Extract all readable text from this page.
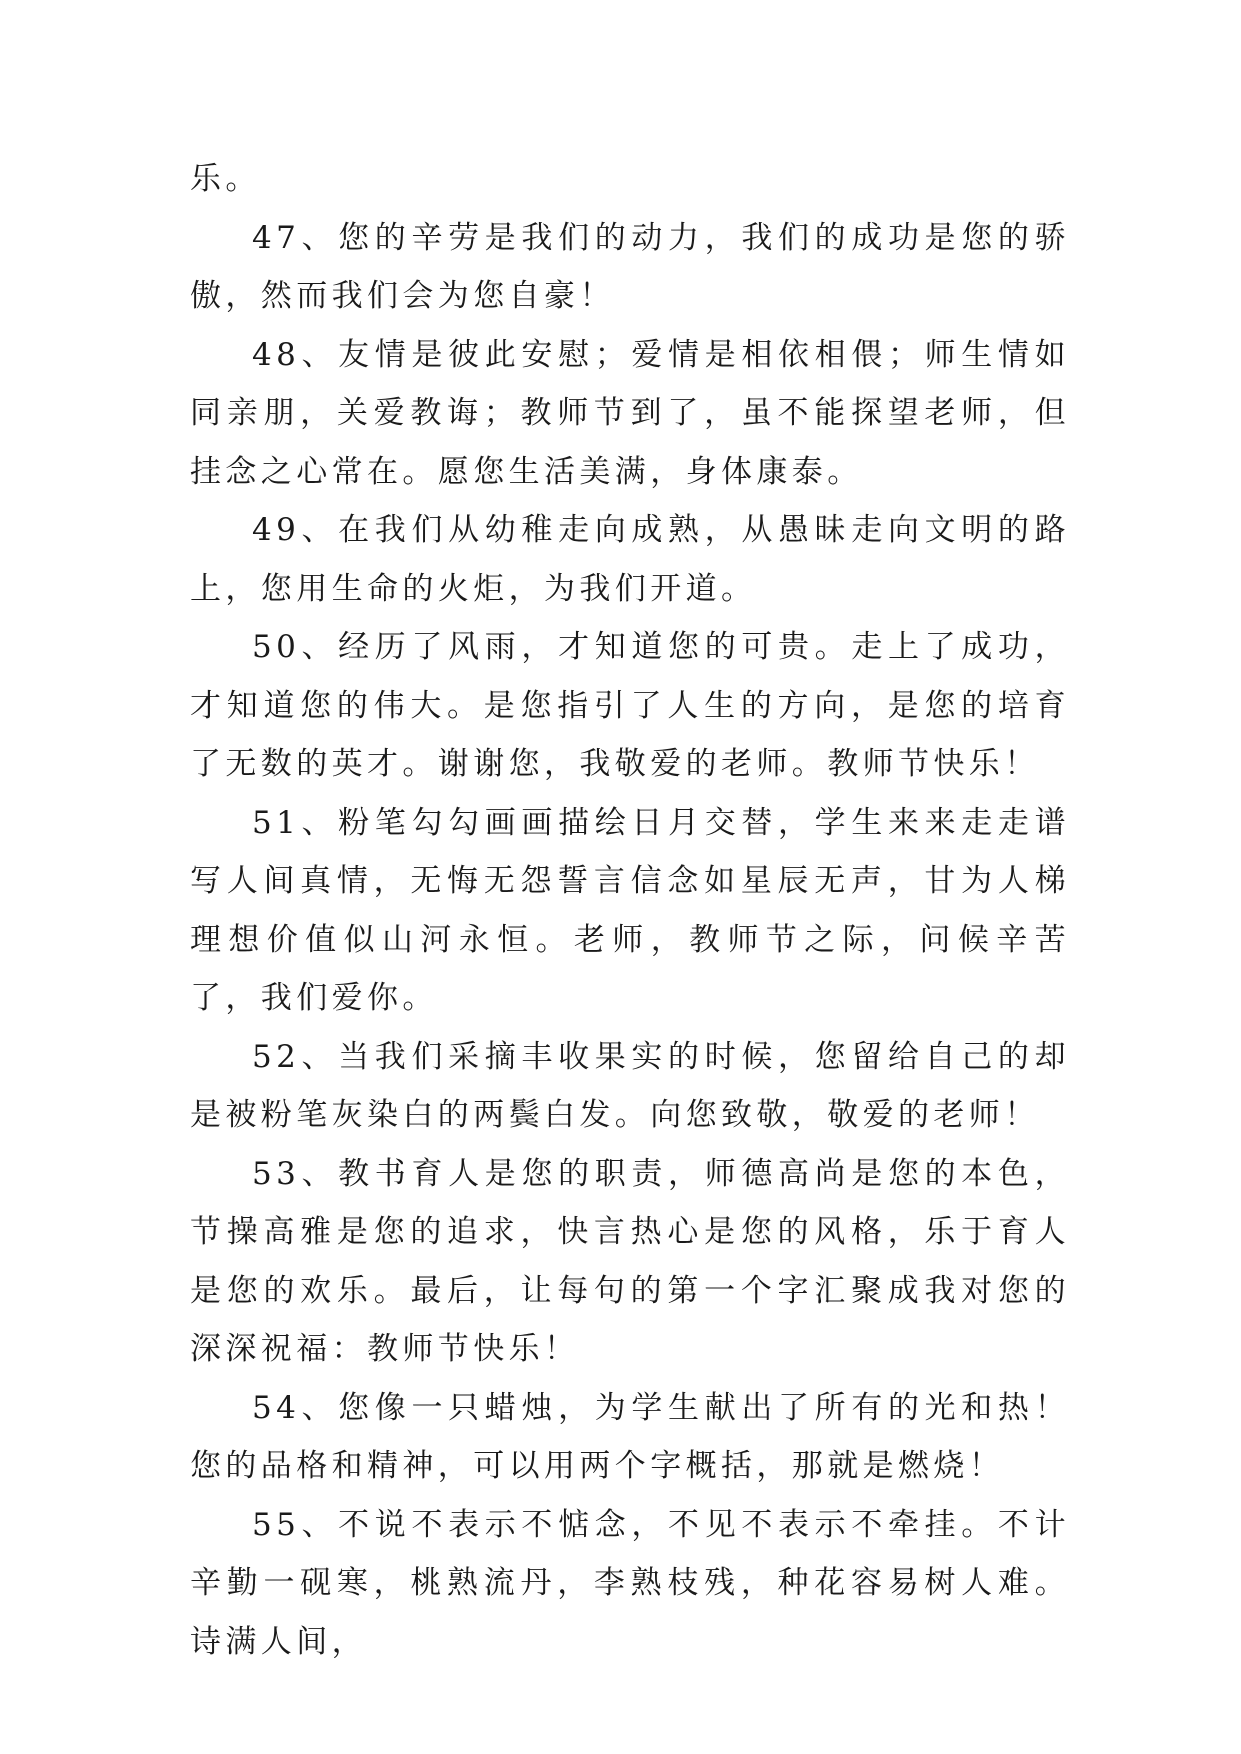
乐。

47、您的辛劳是我们的动力，我们的成功是您的骄傲，然而我们会为您自豪！

48、友情是彼此安慰；爱情是相依相偎；师生情如同亲朋，关爱教诲；教师节到了，虽不能探望老师，但挂念之心常在。愿您生活美满，身体康泰。

49、在我们从幼稚走向成熟，从愚昧走向文明的路上，您用生命的火炬，为我们开道。

50、经历了风雨，才知道您的可贵。走上了成功，才知道您的伟大。是您指引了人生的方向，是您的培育了无数的英才。谢谢您，我敬爱的老师。教师节快乐！

51、粉笔勾勾画画描绘日月交替，学生来来走走谱写人间真情，无悔无怨誓言信念如星辰无声，甘为人梯理想价值似山河永恒。老师，教师节之际，问候辛苦了，我们爱你。

52、当我们采摘丰收果实的时候，您留给自己的却是被粉笔灰染白的两鬓白发。向您致敬，敬爱的老师！

53、教书育人是您的职责，师德高尚是您的本色，节操高雅是您的追求，快言热心是您的风格，乐于育人是您的欢乐。最后，让每句的第一个字汇聚成我对您的深深祝福：教师节快乐！

54、您像一只蜡烛，为学生献出了所有的光和热！您的品格和精神，可以用两个字概括，那就是燃烧！

55、不说不表示不惦念，不见不表示不牵挂。不计辛勤一砚寒，桃熟流丹，李熟枝残，种花容易树人难。诗满人间，
